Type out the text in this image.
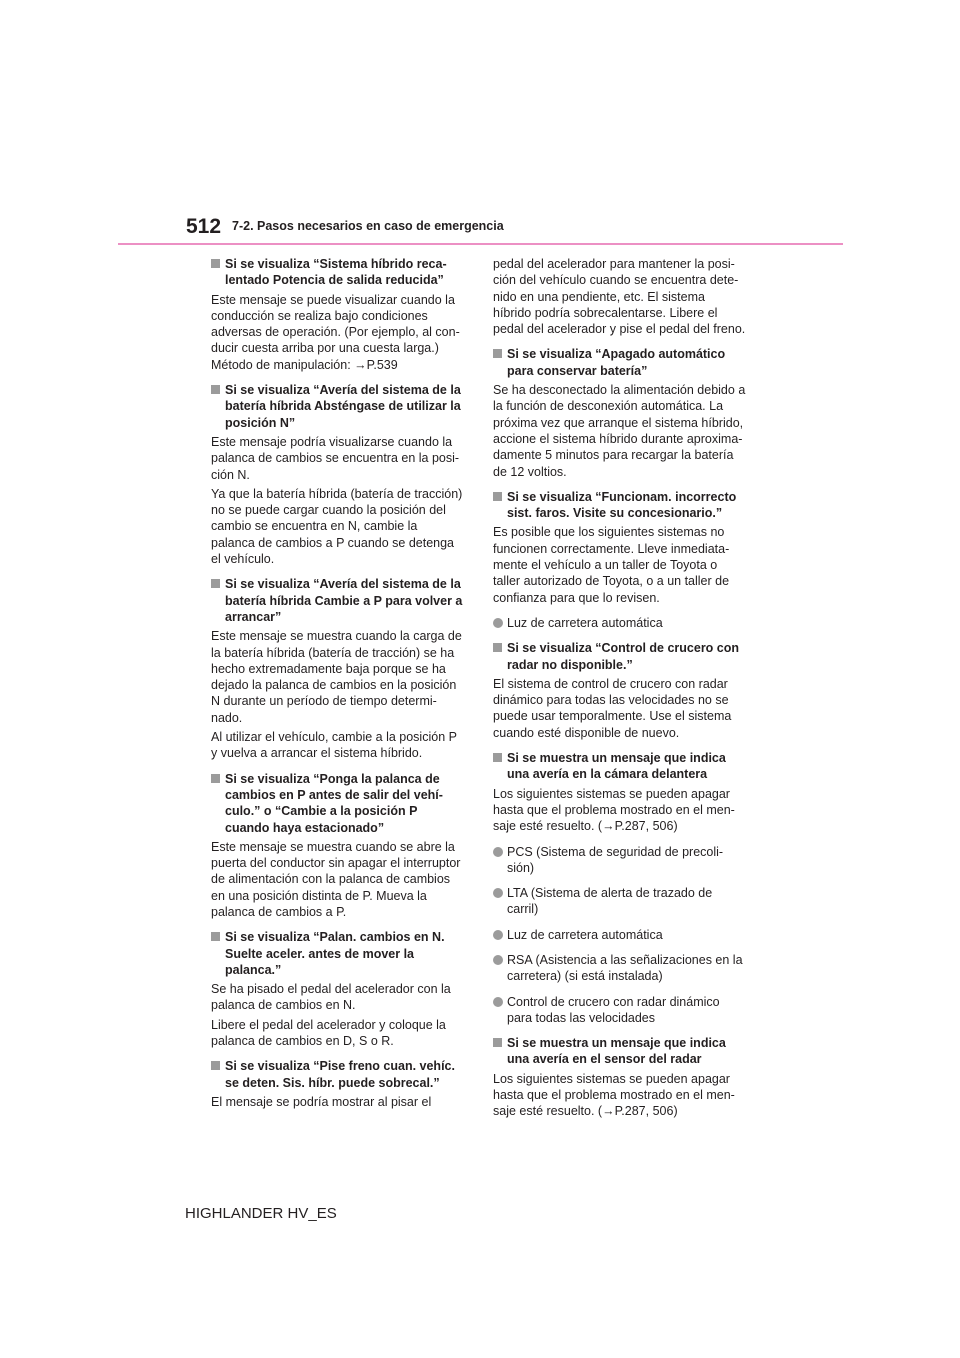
512 7-2. Pasos necesarios en caso de emergencia
Si se visualiza “Sistema híbrido reca-
lentado Potencia de salida reducida”
Este mensaje se puede visualizar cuando la
conducción se realiza bajo condiciones
adversas de operación. (Por ejemplo, al con-
ducir cuesta arriba por una cuesta larga.)
Método de manipulación: →P.539
Si se visualiza “Avería del sistema de la
batería híbrida Absténgase de utilizar la
posición N”
Este mensaje podría visualizarse cuando la
palanca de cambios se encuentra en la posi-
ción N.
Ya que la batería híbrida (batería de tracción)
no se puede cargar cuando la posición del
cambio se encuentra en N, cambie la
palanca de cambios a P cuando se detenga
el vehículo.
Si se visualiza “Avería del sistema de la
batería híbrida Cambie a P para volver a
arrancar”
Este mensaje se muestra cuando la carga de
la batería híbrida (batería de tracción) se ha
hecho extremadamente baja porque se ha
dejado la palanca de cambios en la posición
N durante un período de tiempo determi-
nado.
Al utilizar el vehículo, cambie a la posición P
y vuelva a arrancar el sistema híbrido.
Si se visualiza “Ponga la palanca de
cambios en P antes de salir del vehí-
culo.” o “Cambie a la posición P
cuando haya estacionado”
Este mensaje se muestra cuando se abre la
puerta del conductor sin apagar el interruptor
de alimentación con la palanca de cambios
en una posición distinta de P. Mueva la
palanca de cambios a P.
Si se visualiza “Palan. cambios en N.
Suelte aceler. antes de mover la
palanca.”
Se ha pisado el pedal del acelerador con la
palanca de cambios en N.
Libere el pedal del acelerador y coloque la
palanca de cambios en D, S o R.
Si se visualiza “Pise freno cuan. vehíc.
se deten. Sis. híbr. puede sobrecal.”
El mensaje se podría mostrar al pisar el
pedal del acelerador para mantener la posi-
ción del vehículo cuando se encuentra dete-
nido en una pendiente, etc. El sistema
híbrido podría sobrecalentarse. Libere el
pedal del acelerador y pise el pedal del freno.
Si se visualiza “Apagado automático
para conservar batería”
Se ha desconectado la alimentación debido a
la función de desconexión automática. La
próxima vez que arranque el sistema híbrido,
accione el sistema híbrido durante aproxima-
damente 5 minutos para recargar la batería
de 12 voltios.
Si se visualiza “Funcionam. incorrecto
sist. faros. Visite su concesionario.”
Es posible que los siguientes sistemas no
funcionen correctamente. Lleve inmediata-
mente el vehículo a un taller de Toyota o
taller autorizado de Toyota, o a un taller de
confianza para que lo revisen.
Luz de carretera automática
Si se visualiza “Control de crucero con
radar no disponible.”
El sistema de control de crucero con radar
dinámico para todas las velocidades no se
puede usar temporalmente. Use el sistema
cuando esté disponible de nuevo.
Si se muestra un mensaje que indica
una avería en la cámara delantera
Los siguientes sistemas se pueden apagar
hasta que el problema mostrado en el men-
saje esté resuelto. (→P.287, 506)
PCS (Sistema de seguridad de precoli-
sión)
LTA (Sistema de alerta de trazado de
carril)
Luz de carretera automática
RSA (Asistencia a las señalizaciones en la
carretera) (si está instalada)
Control de crucero con radar dinámico
para todas las velocidades
Si se muestra un mensaje que indica
una avería en el sensor del radar
Los siguientes sistemas se pueden apagar
hasta que el problema mostrado en el men-
saje esté resuelto. (→P.287, 506)
HIGHLANDER HV_ES
